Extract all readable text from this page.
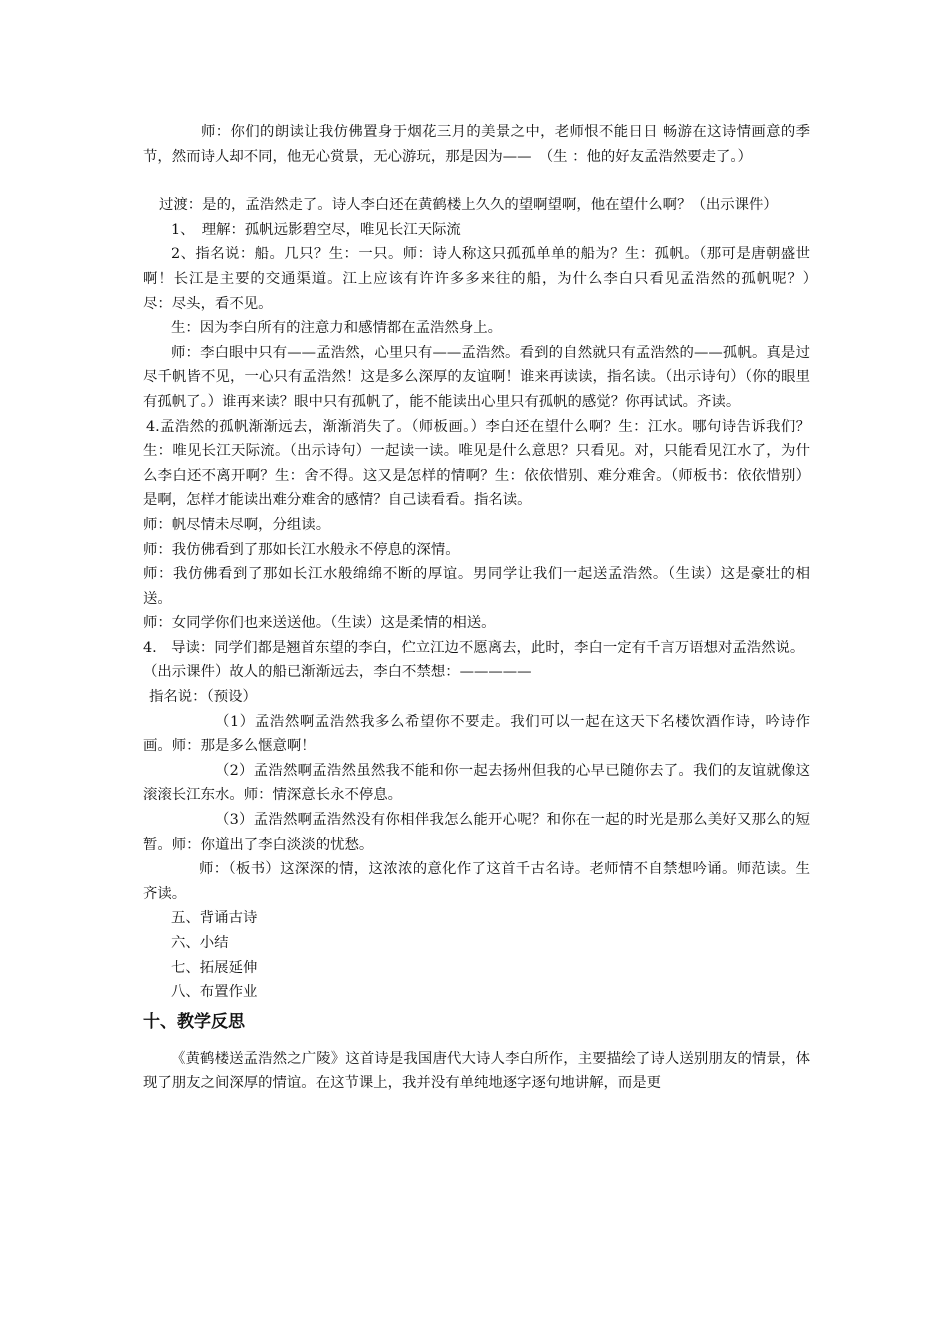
师：你们的朗读让我仿佛置身于烟花三月的美景之中，老师恨不能日日 畅游在这诗情画意的季节，然而诗人却不同，他无心赏景，无心游玩，那是因为——　（生 ：他的好友孟浩然要走了。）

过渡：是的，孟浩然走了。诗人李白还在黄鹤楼上久久的望啊望啊，他在望什么啊？（出示课件）

1、　理解：孤帆远影碧空尽，唯见长江天际流

2、指名说：船。几只？生：一只。师：诗人称这只孤孤单单的船为？生：孤帆。（那可是唐朝盛世啊！长江是主要的交通渠道。江上应该有许许多多来往的船，为什么李白只看见孟浩然的孤帆呢？）　尽：尽头，看不见。

生：因为李白所有的注意力和感情都在孟浩然身上。

师：李白眼中只有——孟浩然，心里只有——孟浩然。看到的自然就只有孟浩然的——孤帆。真是过尽千帆皆不见，一心只有孟浩然！这是多么深厚的友谊啊！谁来再读读，指名读。（出示诗句）（你的眼里有孤帆了。）谁再来读？眼中只有孤帆了，能不能读出心里只有孤帆的感觉？你再试试。齐读。

4.孟浩然的孤帆渐渐远去，渐渐消失了。（师板画。）李白还在望什么啊？生：江水。哪句诗告诉我们？生：唯见长江天际流。（出示诗句）一起读一读。唯见是什么意思？只看见。对，只能看见江水了，为什么李白还不离开啊？生：舍不得。这又是怎样的情啊？生：依依惜别、难分难舍。（师板书：依依惜别）是啊，怎样才能读出难分难舍的感情？自己读看看。指名读。

师：帆尽情未尽啊，分组读。

师：我仿佛看到了那如长江水般永不停息的深情。

师：我仿佛看到了那如长江水般绵绵不断的厚谊。男同学让我们一起送孟浩然。（生读）这是豪壮的相送。

师：女同学你们也来送送他。（生读）这是柔情的相送。

4.　导读：同学们都是翘首东望的李白，伫立江边不愿离去，此时，李白一定有千言万语想对孟浩然说。

（出示课件）故人的船已渐渐远去，李白不禁想：—————

指名说：（预设）

（1）孟浩然啊孟浩然我多么希望你不要走。我们可以一起在这天下名楼饮酒作诗，吟诗作画。师：那是多么惬意啊！

（2）孟浩然啊孟浩然虽然我不能和你一起去扬州但我的心早已随你去了。我们的友谊就像这滚滚长江东水。师：情深意长永不停息。

（3）孟浩然啊孟浩然没有你相伴我怎么能开心呢？和你在一起的时光是那么美好又那么的短暂。师：你道出了李白淡淡的忧愁。

师：（板书）这深深的情，这浓浓的意化作了这首千古名诗。老师情不自禁想吟诵。师范读。生齐读。

五、背诵古诗

六、小结

七、拓展延伸

八、布置作业

十、教学反思

《黄鹤楼送孟浩然之广陵》这首诗是我国唐代大诗人李白所作，主要描绘了诗人送别朋友的情景，体现了朋友之间深厚的情谊。在这节课上，我并没有单纯地逐字逐句地讲解，而是更
